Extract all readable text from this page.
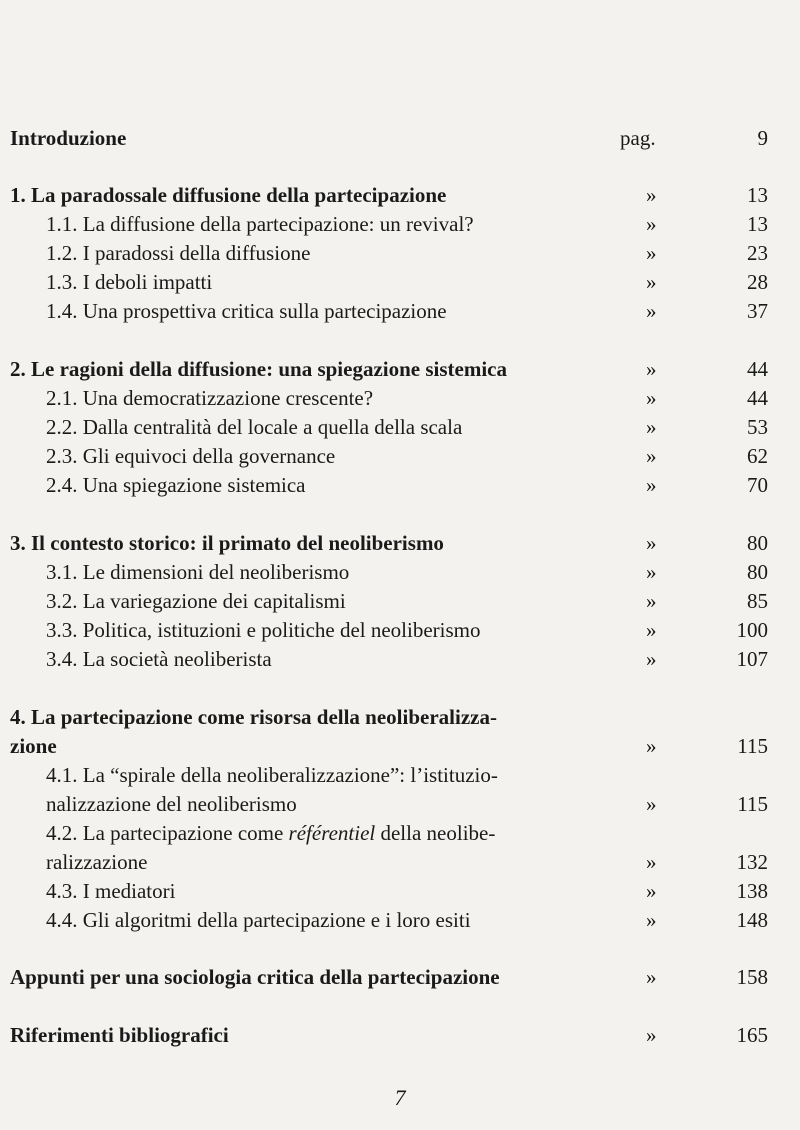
Introduzione	pag.	9
1. La paradossale diffusione della partecipazione	»	13
1.1. La diffusione della partecipazione: un revival?	»	13
1.2. I paradossi della diffusione	»	23
1.3. I deboli impatti	»	28
1.4. Una prospettiva critica sulla partecipazione	»	37
2. Le ragioni della diffusione: una spiegazione sistemica	»	44
2.1. Una democratizzazione crescente?	»	44
2.2. Dalla centralità del locale a quella della scala	»	53
2.3. Gli equivoci della governance	»	62
2.4. Una spiegazione sistemica	»	70
3. Il contesto storico: il primato del neoliberismo	»	80
3.1. Le dimensioni del neoliberismo	»	80
3.2. La variegazione dei capitalismi	»	85
3.3. Politica, istituzioni e politiche del neoliberismo	»	100
3.4. La società neoliberista	»	107
4. La partecipazione come risorsa della neoliberalizza-
zione	»	115
4.1. La “spirale della neoliberalizzazione”: l’istituzio-
nalizzazione del neoliberismo	»	115
4.2. La partecipazione come référentiel della neolibe-
ralizzazione	»	132
4.3. I mediatori	»	138
4.4. Gli algoritmi della partecipazione e i loro esiti	»	148
Appunti per una sociologia critica della partecipazione	»	158
Riferimenti bibliografici	»	165
7
